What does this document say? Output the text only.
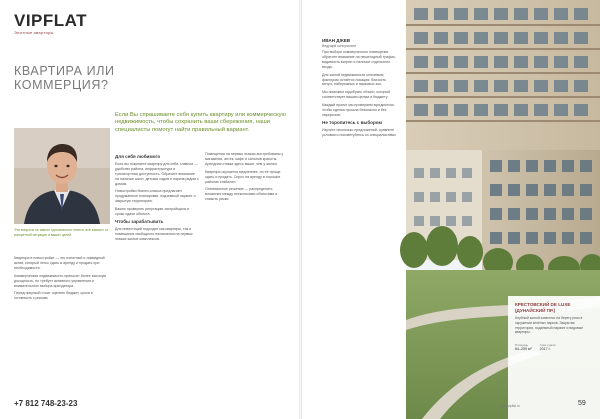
VIPFLAT
Элитные квартиры
КВАРТИРА ИЛИ КОММЕРЦИЯ?
Если Вы спрашиваете себя купить квартиру или коммерческую недвижимость, чтобы сохранить ваши сбережения, наши специалисты помогут найти правильный вариант.
Эти вопросы не имеют однозначного ответа, всё зависит от конкретной ситуации и ваших целей.

Квартира в новостройке — это понятный и ликвидный актив, который легко сдать в аренду и продать при необходимости.

Коммерческая недвижимость приносит более высокую доходность, но требует активного управления и внимательного выбора арендатора.

Перед покупкой стоит оценить бюджет, сроки и готовность к рискам.

Для себя любимого

Если вы покупаете квартиру для себя, главное — удобство района, инфраструктура и транспортная доступность. Обратите внимание на наличие школ, детских садов и парков рядом с домом.

Новостройки бизнес-класса предлагают продуманные планировки, подземный паркинг и закрытую территорию.

Важно проверить репутацию застройщика и сроки сдачи объекта.

Чтобы зарабатывать

Для инвестиций подходят как квартиры, так и помещения свободного назначения на первых этажах жилых комплексов.

Помещения на первых этажах востребованы у магазинов, аптек, кафе и салонов красоты. Арендная ставка здесь выше, чем у жилья.

Квартира окупается медленнее, но её проще сдать и продать. Спрос на аренду в хороших районах стабилен.

Оптимальное решение — распределить вложения между несколькими объектами и снизить риски.

+7 812 748-23-23
ИВАН ДЖЕВ
Ведущий консультант

При выборе коммерческого помещения обратите внимание на пешеходный трафик, видимость витрин и наличие отдельного входа.

Для жилой недвижимости ключевым фактором остаётся локация: близость метро, набережных и парковых зон.

Мы поможем подобрать объект, который соответствует вашим целям и бюджету.

Каждый проект мы проверяем юридически, чтобы сделка прошла безопасно и без сюрпризов.

Не торопитесь с выбором

Изучите несколько предложений, сравните условия и посоветуйтесь со специалистами.

КРЕСТОВСКИЙ DE LUXE
(ДУНАЙСКИЙ ПР.)
Клубный жилой комплекс на берегу реки в окружении зелёных парков. Закрытая территория, подземный паркинг и видовые квартиры.
Площадь
64–250 м²
Срок сдачи
2017 г.
www.vipflat.ru	59
